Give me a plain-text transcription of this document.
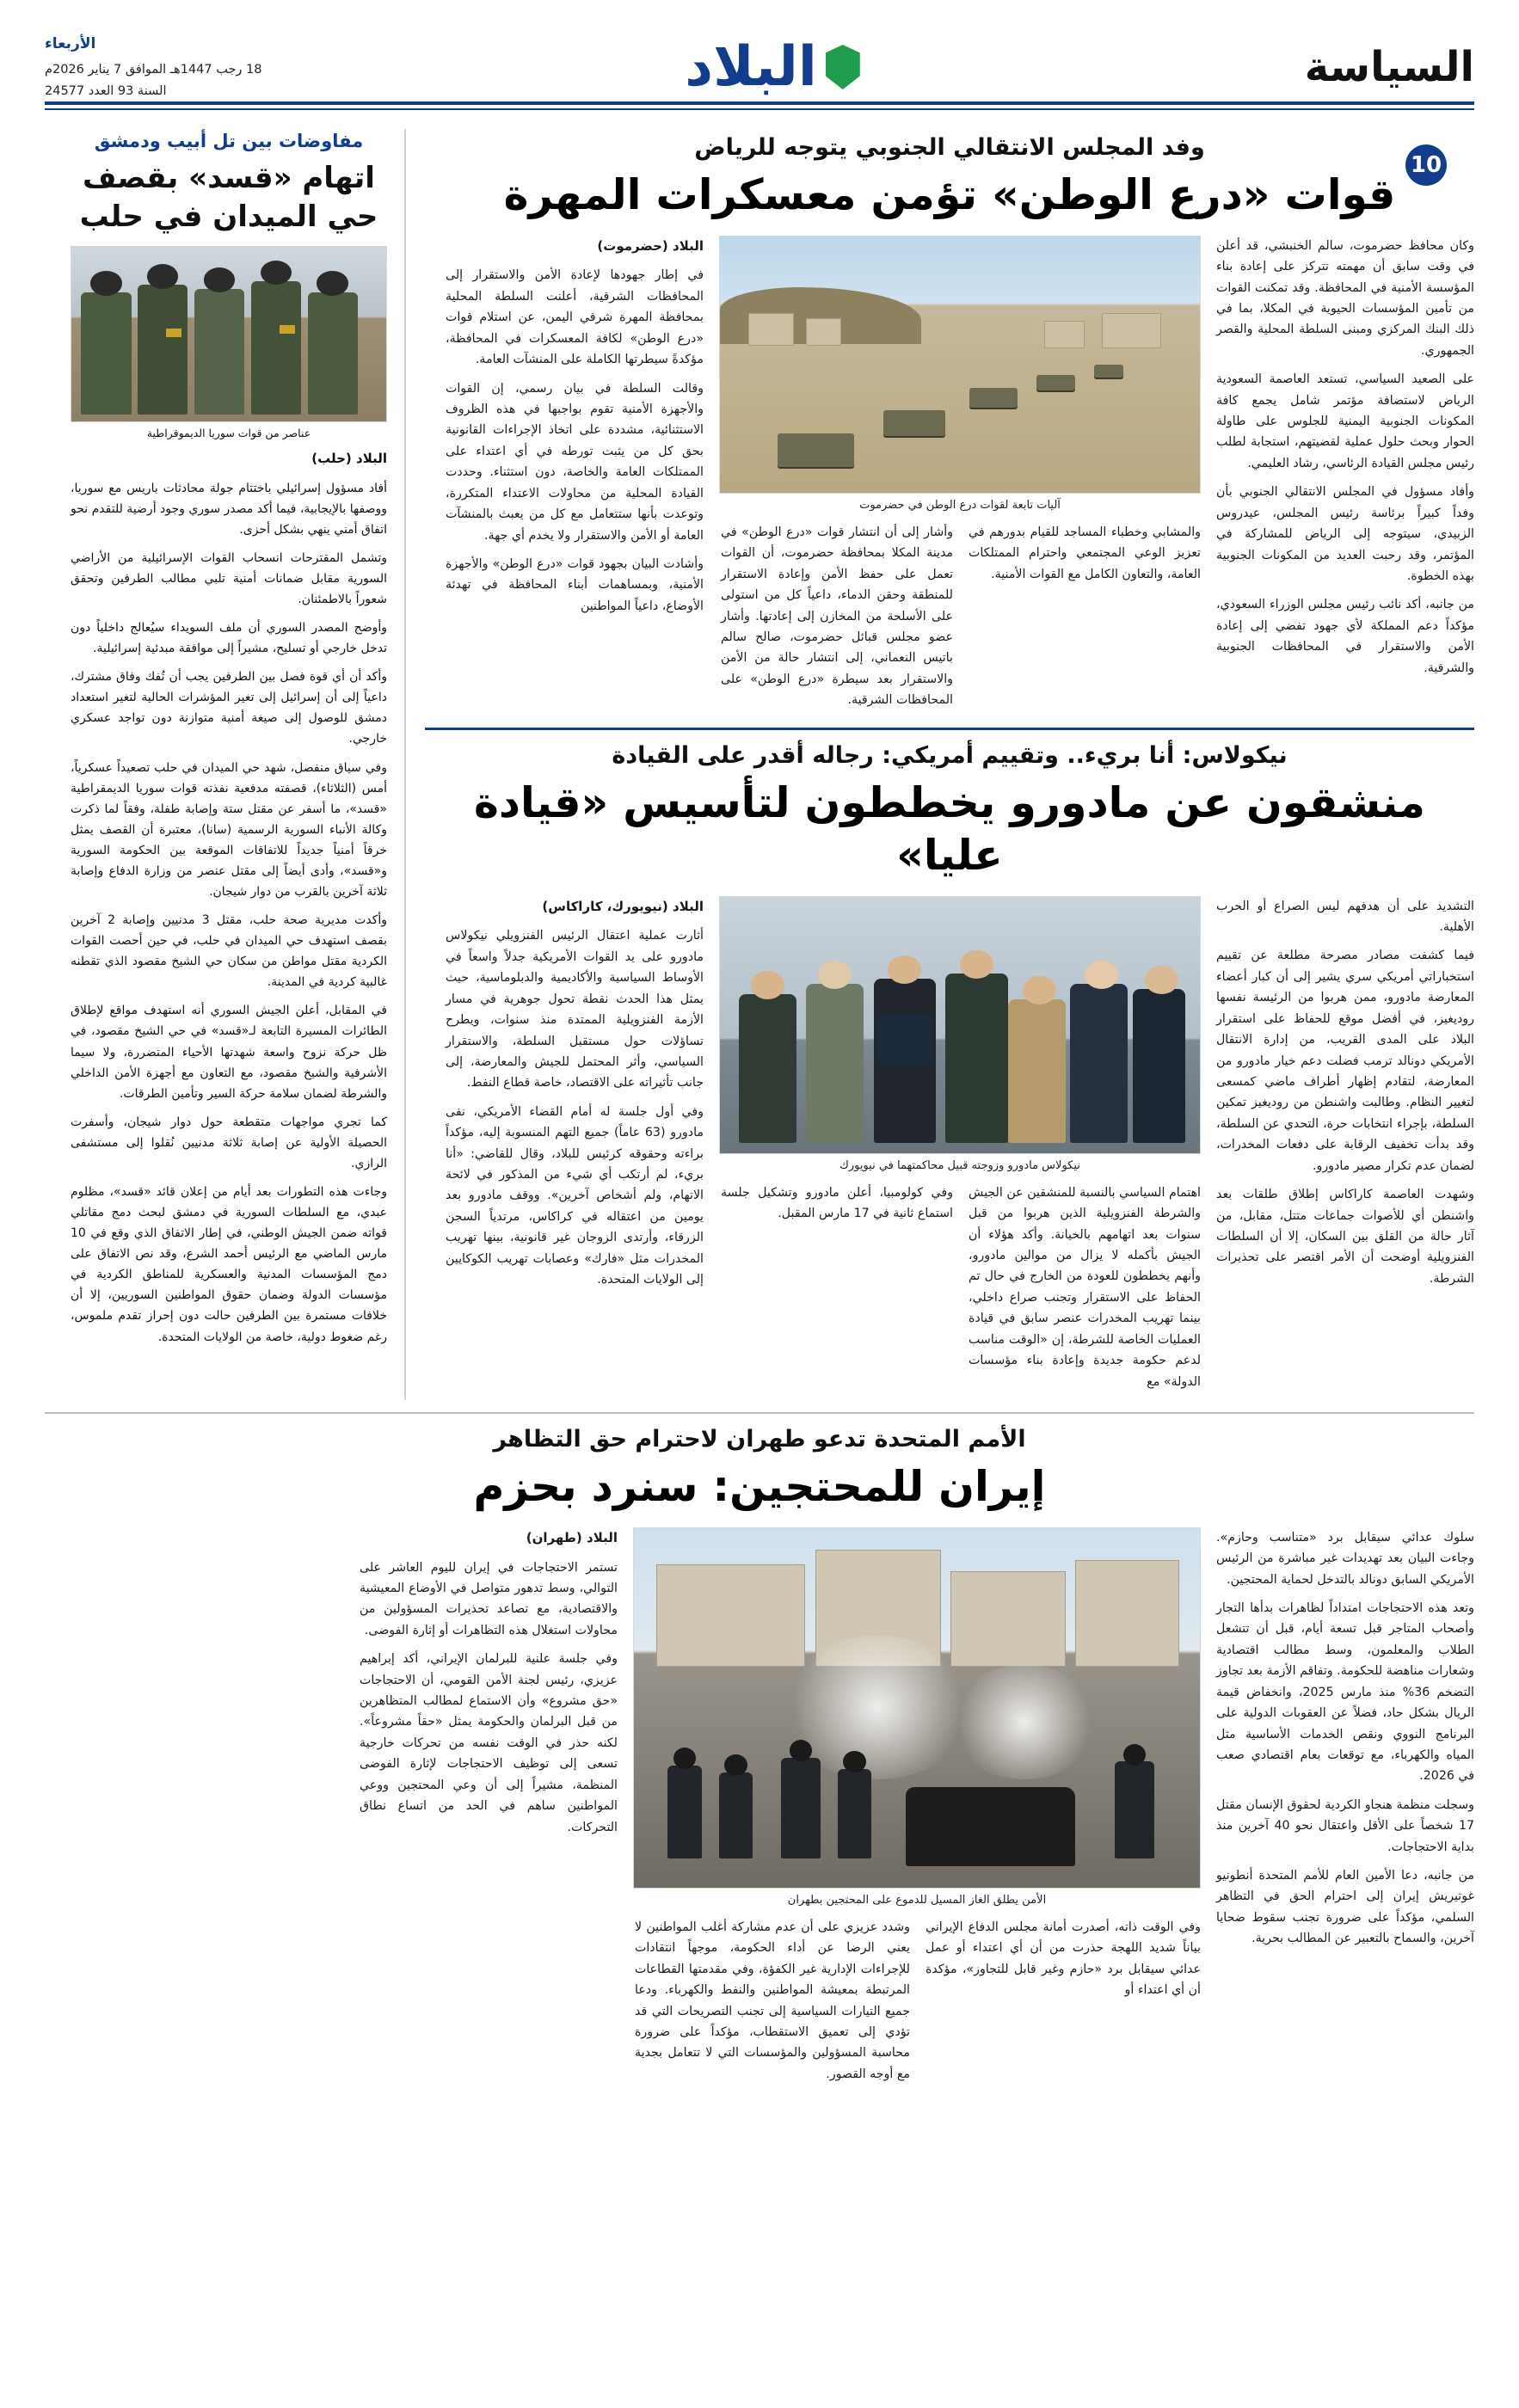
السياسة
البلاد
الأربعاء
18 رجب 1447هـ الموافق 7 يناير 2026م
السنة 93 العدد 24577
10
وفد المجلس الانتقالي الجنوبي يتوجه للرياض
قوات «درع الوطن» تؤمن معسكرات المهرة

وكان محافظ حضرموت، سالم الخنبشي، قد أعلن في وقت سابق أن مهمته تتركز على إعادة بناء المؤسسة الأمنية في المحافظة. وقد تمكنت القوات من تأمين المؤسسات الحيوية في المكلا، بما في ذلك البنك المركزي ومبنى السلطة المحلية والقصر الجمهوري.

على الصعيد السياسي، تستعد العاصمة السعودية الرياض لاستضافة مؤتمر شامل يجمع كافة المكونات الجنوبية اليمنية للجلوس على طاولة الحوار وبحث حلول عملية لقضيتهم، استجابة لطلب رئيس مجلس القيادة الرئاسي، رشاد العليمي.

وأفاد مسؤول في المجلس الانتقالي الجنوبي بأن وفداً كبيراً برئاسة رئيس المجلس، عيدروس الزبيدي، سيتوجه إلى الرياض للمشاركة في المؤتمر، وقد رحبت العديد من المكونات الجنوبية بهذه الخطوة.

من جانبه، أكد نائب رئيس مجلس الوزراء السعودي، مؤكداً دعم المملكة لأي جهود تفضي إلى إعادة الأمن والاستقرار في المحافظات الجنوبية والشرقية.

آليات تابعة لقوات درع الوطن في حضرموت

والمشابي وخطباء المساجد للقيام بدورهم في تعزيز الوعي المجتمعي واحترام الممتلكات العامة، والتعاون الكامل مع القوات الأمنية.

وأشار إلى أن انتشار قوات «درع الوطن» في مدينة المكلا بمحافظة حضرموت، أن القوات تعمل على حفظ الأمن وإعادة الاستقرار للمنطقة وحقن الدماء، داعياً كل من استولى على الأسلحة من المخازن إلى إعادتها. وأشار عضو مجلس قبائل حضرموت، صالح سالم باتيس النعماني، إلى انتشار حالة من الأمن والاستقرار بعد سيطرة «درع الوطن» على المحافظات الشرقية.

البلاد (حضرموت)

في إطار جهودها لإعادة الأمن والاستقرار إلى المحافظات الشرقية، أعلنت السلطة المحلية بمحافظة المهرة شرقي اليمن، عن استلام قوات «درع الوطن» لكافة المعسكرات في المحافظة، مؤكدةً سيطرتها الكاملة على المنشآت العامة.

وقالت السلطة في بيان رسمي، إن القوات والأجهزة الأمنية تقوم بواجبها في هذه الظروف الاستثنائية، مشددة على اتخاذ الإجراءات القانونية بحق كل من يثبت تورطه في أي اعتداء على الممتلكات العامة والخاصة، دون استثناء. وحددت القيادة المحلية من محاولات الاعتداء المتكررة، وتوعدت بأنها ستتعامل مع كل من يعبث بالمنشآت العامة أو الأمن والاستقرار ولا يخدم أي جهة.

وأشادت البيان بجهود قوات «درع الوطن» والأجهزة الأمنية، وبمساهمات أبناء المحافظة في تهدئة الأوضاع، داعياً المواطنين

نيكولاس: أنا بريء.. وتقييم أمريكي: رجاله أقدر على القيادة
منشقون عن مادورو يخططون لتأسيس «قيادة عليا»

التشديد على أن هدفهم ليس الصراع أو الحرب الأهلية.

فيما كشفت مصادر مصرحة مطلعة عن تقييم استخباراتي أمريكي سري يشير إلى أن كبار أعضاء المعارضة مادورو، ممن هربوا من الرئيسة نفسها روديغيز، في أفضل موقع للحفاظ على استقرار البلاد على المدى القريب، من إدارة الانتقال الأمريكي دونالد ترمب فضلت دعم خيار مادورو من المعارضة، لتقادم إظهار أطراف ماضي كمسعى لتغيير النظام. وطالبت واشنطن من روديغيز تمكين السلطة، بإجراء انتخابات حرة، التحدي عن السلطة، وقد بدأت تخفيف الرقابة على دفعات المخدرات، لضمان عدم تكرار مصير مادورو.

وشهدت العاصمة كاراكاس إطلاق طلقات بعد واشنطن أي للأصوات جماعات متتل، مقابل، من آثار حالة من القلق بين السكان، إلا أن السلطات الفنزويلية أوضحت أن الأمر اقتصر على تحذيرات الشرطة.

نيكولاس مادورو وزوجته قبيل محاكمتهما في نيويورك

اهتمام السياسي بالنسبة للمنشقين عن الجيش والشرطة الفنزويلية الذين هربوا من قبل سنوات بعد اتهامهم بالخيانة. وأكد هؤلاء أن الجيش بأكمله لا يزال من موالين مادورو، وأنهم يخططون للعودة من الخارج في حال تم الحفاظ على الاستقرار وتجنب صراع داخلي، بينما تهريب المخدرات عنصر سابق في قيادة العمليات الخاصة للشرطة، إن «الوقت مناسب لدعم حكومة جديدة وإعادة بناء مؤسسات الدولة» مع

وفي كولومبيا، أعلن مادورو وتشكيل جلسة استماع ثانية في 17 مارس المقبل.

البلاد (نيويورك، كاراكاس)

أثارت عملية اعتقال الرئيس الفنزويلي نيكولاس مادورو على يد القوات الأمريكية جدلاً واسعاً في الأوساط السياسية والأكاديمية والدبلوماسية، حيث يمثل هذا الحدث نقطة تحول جوهرية في مسار الأزمة الفنزويلية الممتدة منذ سنوات، ويطرح تساؤلات حول مستقبل السلطة، والاستقرار السياسي، وأثر المحتمل للجيش والمعارضة، إلى جانب تأثيراته على الاقتصاد، خاصة قطاع النفط.

وفي أول جلسة له أمام القضاء الأمريكي، نفى مادورو (63 عاماً) جميع التهم المنسوبة إليه، مؤكداً براءته وحقوقه كرئيس للبلاد، وقال للقاضي: «أنا بريء، لم أرتكب أي شيء من المذكور في لائحة الاتهام، ولم أشخاص آخرين». ووقف مادورو بعد يومين من اعتقاله في كراكاس، مرتدياً السجن الزرقاء، وأرتدى الزوجان غير قانونية، بينها تهريب المخدرات مثل «فارك» وعصابات تهريب الكوكايين إلى الولايات المتحدة.

مفاوضات بين تل أبيب ودمشق
اتهام «قسد» بقصف حي الميدان في حلب
عناصر من قوات سوريا الديموقراطية

البلاد (حلب)

أفاد مسؤول إسرائيلي باختتام جولة محادثات باريس مع سوريا، ووصفها بالإيجابية، فيما أكد مصدر سوري وجود أرضية للتقدم نحو اتفاق أمني ينهي بشكل أحزى.

وتشمل المقترحات انسحاب القوات الإسرائيلية من الأراضي السورية مقابل ضمانات أمنية تلبي مطالب الطرفين وتحقق شعوراً بالاطمئنان.

وأوضح المصدر السوري أن ملف السويداء سيُعالج داخلياً دون تدخل خارجي أو تسليح، مشيراً إلى موافقة مبدئية إسرائيلية.

وأكد أن أي قوة فصل بين الطرفين يجب أن تُفك وفاق مشترك، داعياً إلى أن إسرائيل إلى تغير المؤشرات الحالية لتغير استعداد دمشق للوصول إلى صيغة أمنية متوازنة دون تواجد عسكري خارجي.

وفي سياق منفصل، شهد حي الميدان في حلب تصعيداً عسكرياً، أمس (الثلاثاء)، قصفته مدفعية نفذته قوات سوريا الديمقراطية «قسد»، ما أسفر عن مقتل ستة وإصابة طفلة، وفقاً لما ذكرت وكالة الأنباء السورية الرسمية (سانا)، معتبرة أن القصف يمثل خرقاً أمنياً جديداً للاتفاقات الموقعة بين الحكومة السورية و«قسد»، وأدى أيضاً إلى مقتل عنصر من وزارة الدفاع وإصابة ثلاثة آخرين بالقرب من دوار شيجان.

وأكدت مديرية صحة حلب، مقتل 3 مدنيين وإصابة 2 آخرين بقصف استهدف حي الميدان في حلب، في حين أحصت القوات الكردية مقتل مواطن من سكان حي الشيخ مقصود الذي تقطنه غالبية كردية في المدينة.

في المقابل، أعلن الجيش السوري أنه استهدف مواقع لإطلاق الطائرات المسيرة التابعة لـ«قسد» في حي الشيخ مقصود، في ظل حركة نزوح واسعة شهدتها الأحياء المتضررة، ولا سيما الأشرفية والشيخ مقصود، مع التعاون مع أجهزة الأمن الداخلي والشرطة لضمان سلامة حركة السير وتأمين الطرقات.

كما تجري مواجهات متقطعة حول دوار شيجان، وأسفرت الحصيلة الأولية عن إصابة ثلاثة مدنيين نُقلوا إلى مستشفى الرازي.

وجاءت هذه التطورات بعد أيام من إعلان قائد «قسد»، مظلوم عبدي، مع السلطات السورية في دمشق لبحث دمج مقاتلي قواته ضمن الجيش الوطني، في إطار الاتفاق الذي وقع في 10 مارس الماضي مع الرئيس أحمد الشرع، وقد نص الاتفاق على دمج المؤسسات المدنية والعسكرية للمناطق الكردية في مؤسسات الدولة وضمان حقوق المواطنين السوريين، إلا أن خلافات مستمرة بين الطرفين حالت دون إحراز تقدم ملموس، رغم ضغوط دولية، خاصة من الولايات المتحدة.

الأمم المتحدة تدعو طهران لاحترام حق التظاهر
إيران للمحتجين: سنرد بحزم

سلوك عدائي سيقابل برد «متناسب وحازم». وجاءت البيان بعد تهديدات غير مباشرة من الرئيس الأمريكي السابق دونالد بالتدخل لحماية المحتجين.

وتعد هذه الاحتجاجات امتداداً لظاهرات بدأها التجار وأصحاب المتاجر قبل تسعة أيام، قبل أن تتشعل الطلاب والمعلمون، وسط مطالب اقتصادية وشعارات مناهضة للحكومة. وتفاقم الأزمة بعد تجاوز التضخم 36% منذ مارس 2025، وانخفاض قيمة الريال بشكل حاد، فضلاً عن العقوبات الدولية على البرنامج النووي ونقص الخدمات الأساسية مثل المياه والكهرباء، مع توقعات بعام اقتصادي صعب في 2026.

وسجلت منظمة هنجاو الكردية لحقوق الإنسان مقتل 17 شخصاً على الأقل واعتقال نحو 40 آخرين منذ بداية الاحتجاجات.

من جانبه، دعا الأمين العام للأمم المتحدة أنطونيو غوتيريش إيران إلى احترام الحق في التظاهر السلمي، مؤكداً على ضرورة تجنب سقوط ضحايا آخرين، والسماح بالتعبير عن المطالب بحرية.

الأمن يطلق الغاز المسيل للدموع على المحتجين بطهران

وفي الوقت ذاته، أصدرت أمانة مجلس الدفاع الإيراني بياناً شديد اللهجة حذرت من أن أي اعتداء أو عمل عدائي سيقابل برد «حازم وغير قابل للتجاوز»، مؤكدة أن أي اعتداء أو

وشدد عزيزي على أن عدم مشاركة أغلب المواطنين لا يعني الرضا عن أداء الحكومة، موجهاً انتقادات للإجراءات الإدارية غير الكفؤة، وفي مقدمتها القطاعات المرتبطة بمعيشة المواطنين والنفط والكهرباء. ودعا جميع التيارات السياسية إلى تجنب التصريحات التي قد تؤدي إلى تعميق الاستقطاب، مؤكداً على ضرورة محاسبة المسؤولين والمؤسسات التي لا تتعامل بجدية مع أوجه القصور.

البلاد (طهران)

تستمر الاحتجاجات في إيران لليوم العاشر على التوالي، وسط تدهور متواصل في الأوضاع المعيشية والاقتصادية، مع تصاعد تحذيرات المسؤولين من محاولات استغلال هذه التظاهرات أو إثارة الفوضى.

وفي جلسة علنية للبرلمان الإيراني، أكد إبراهيم عزيزي، رئيس لجنة الأمن القومي، أن الاحتجاجات «حق مشروع» وأن الاستماع لمطالب المتظاهرين من قبل البرلمان والحكومة يمثل «حقاً مشروعاً». لكنه حذر في الوقت نفسه من تحركات خارجية تسعى إلى توظيف الاحتجاجات لإثارة الفوضى المنظمة، مشيراً إلى أن وعي المحتجين ووعي المواطنين ساهم في الحد من اتساع نطاق التحركات.
